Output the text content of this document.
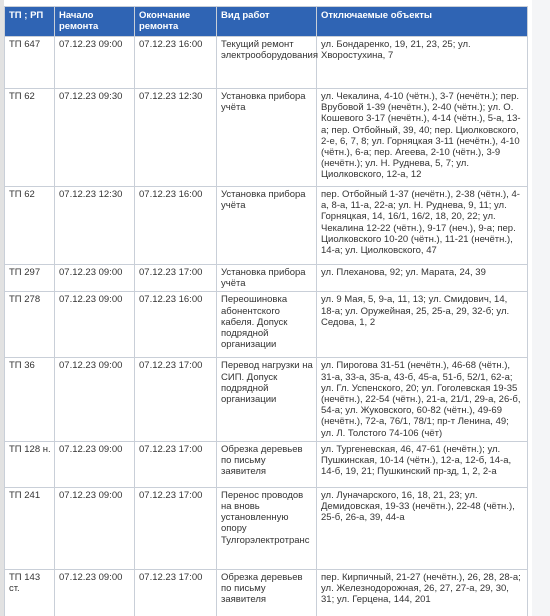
ТП ; РП	Начало ремонта	Окончание ремонта	Вид работ	Отключаемые объекты
ТП 647	07.12.23 09:00	07.12.23 16:00	Текущий ремонт электрооборудования	ул. Бондаренко, 19, 21, 23, 25; ул. Хворостухина, 7
ТП 62	07.12.23 09:30	07.12.23 12:30	Установка прибора учёта	ул. Чекалина, 4-10 (чётн.), 3-7 (нечётн.); пер. Врубовой 1-39 (нечётн.), 2-40 (чётн.); ул. О. Кошевого 3-17 (нечётн.), 4-14 (чётн.), 5-а, 13-а; пер. Отбойный, 39, 40; пер. Циолковского, 2-е, 6, 7, 8; ул. Горняцкая 3-11 (нечётн.), 4-10 (чётн.), 6-а; пер. Агеева, 2-10 (чётн.), 3-9 (нечётн.); ул. Н. Руднева, 5, 7; ул. Циолковского, 12-а, 12
ТП 62	07.12.23 12:30	07.12.23 16:00	Установка прибора учёта	пер. Отбойный 1-37 (нечётн.), 2-38 (чётн.), 4-а, 8-а, 11-а, 22-а; ул. Н. Руднева, 9, 11; ул. Горняцкая, 14, 16/1, 16/2, 18, 20, 22; ул. Чекалина 12-22 (чётн.), 9-17 (неч.), 9-а; пер. Циолковского 10-20 (чётн.), 11-21 (нечётн.), 14-а; ул. Циолковского, 47
ТП 297	07.12.23 09:00	07.12.23 17:00	Установка прибора учёта	ул. Плеханова, 92; ул. Марата, 24, 39
ТП 278	07.12.23 09:00	07.12.23 16:00	Переошиновка абонентского кабеля. Допуск подрядной организации	ул. 9 Мая, 5, 9-а, 11, 13; ул. Смидович, 14, 18-а; ул. Оружейная, 25, 25-а, 29, 32-б; ул. Седова, 1, 2
ТП 36	07.12.23 09:00	07.12.23 17:00	Перевод нагрузки на СИП. Допуск подрядной организации	ул. Пирогова 31-51 (нечётн.), 46-68 (чётн.), 31-а, 33-а, 35-а, 43-б, 45-а, 51-б, 52/1, 62-а; ул. Гл. Успенского, 20; ул. Гоголевская 19-35 (нечётн.), 22-54 (чётн.), 21-а, 21/1, 29-а, 26-б, 54-а; ул. Жуковского, 60-82 (чётн.), 49-69 (нечётн.), 72-а, 76/1, 78/1; пр-т Ленина, 49; ул. Л. Толстого 74-106 (чёт)
ТП 128 н.	07.12.23 09:00	07.12.23 17:00	Обрезка деревьев по письму заявителя	ул. Тургеневская, 46, 47-61 (нечётн.); ул. Пушкинская, 10-14 (чётн.), 12-а, 12-б, 14-а, 14-б, 19, 21; Пушкинский пр-зд, 1, 2, 2-а
ТП 241	07.12.23 09:00	07.12.23 17:00	Перенос проводов на вновь установленную опору Тулгорэлектротранс	ул. Луначарского, 16, 18, 21, 23; ул. Демидовская, 19-33 (нечётн.), 22-48 (чётн.), 25-б, 26-а, 39, 44-а
ТП 143 ст.	07.12.23 09:00	07.12.23 17:00	Обрезка деревьев по письму заявителя	пер. Кирпичный, 21-27 (нечётн.), 26, 28, 28-а; ул. Железнодорожная, 26, 27, 27-а, 29, 30, 31; ул. Герцена, 144, 201
